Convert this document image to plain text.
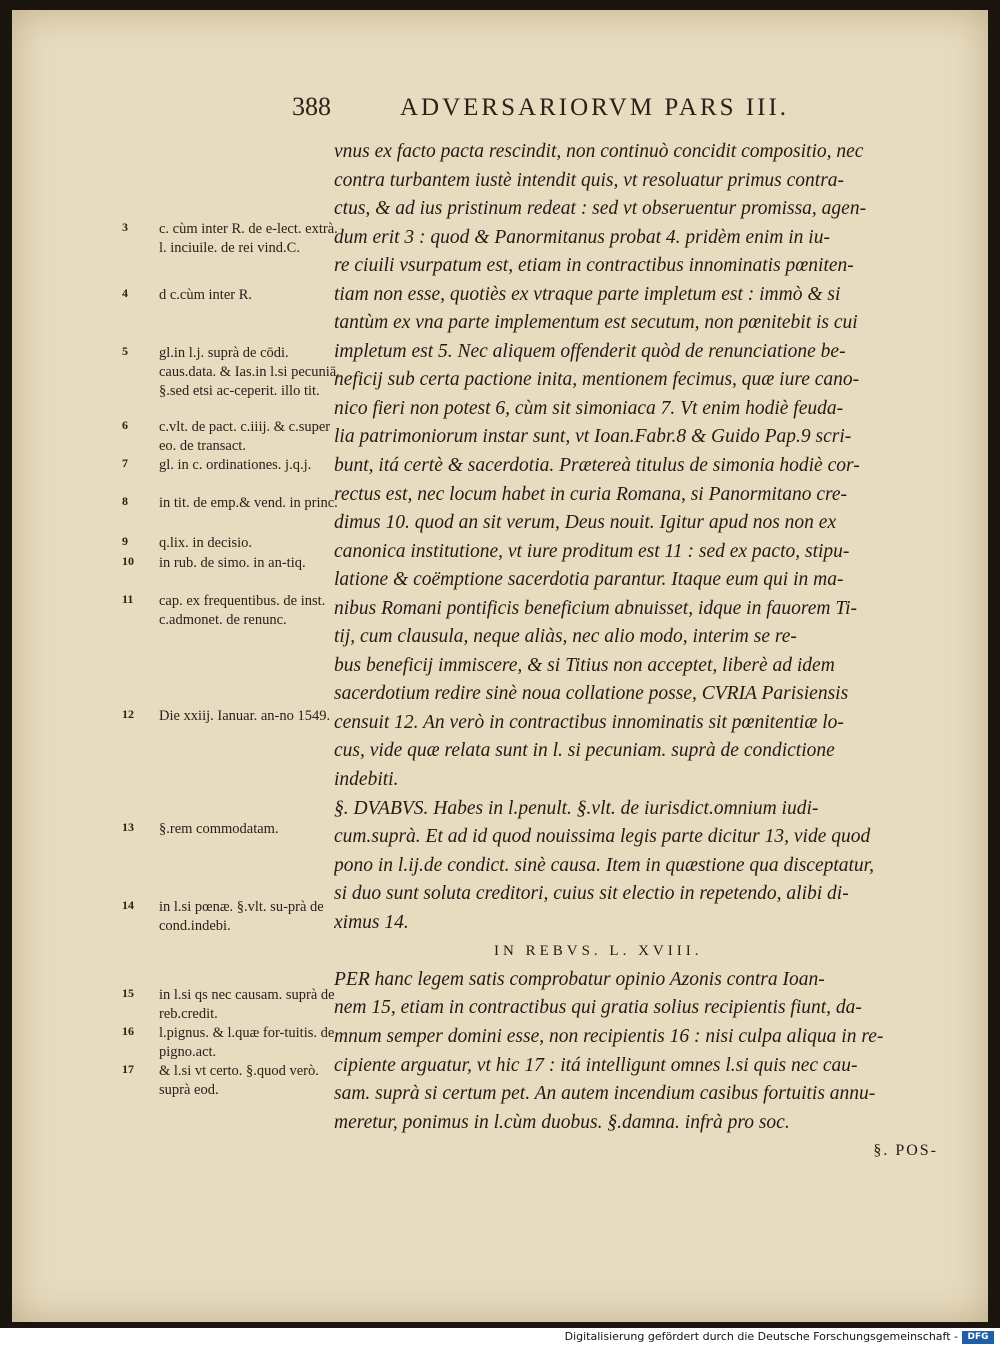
388	ADVERSARIORVM PARS III.
vnus ex facto pacta rescindit, non continuò concidit compositio, nec
contra turbantem iustè intendit quis, vt resoluatur primus contra-
ctus, & ad ius pristinum redeat : sed vt obseruentur promissa, agen-
dum erit 3 : quod & Panormitanus probat 4. pridèm enim in iu-
re ciuili vsurpatum est, etiam in contractibus innominatis pœniten-
tiam non esse, quotiès ex vtraque parte impletum est : immò & si
tantùm ex vna parte implementum est secutum, non pœnitebit is cui
impletum est 5. Nec aliquem offenderit quòd de renunciatione be-
neficij sub certa pactione inita, mentionem fecimus, quæ iure cano-
nico fieri non potest 6, cùm sit simoniaca 7. Vt enim hodiè feuda-
lia patrimoniorum instar sunt, vt Ioan.Fabr.8 & Guido Pap.9 scri-
bunt, itá certè & sacerdotia. Prætereà titulus de simonia hodiè cor-
rectus est, nec locum habet in curia Romana, si Panormitano cre-
dimus 10. quod an sit verum, Deus nouit. Igitur apud nos non ex
canonica institutione, vt iure proditum est 11 : sed ex pacto, stipu-
latione & coëmptione sacerdotia parantur. Itaque eum qui in ma-
nibus Romani pontificis beneficium abnuisset, idque in fauorem Ti-
tij, cum clausula, neque aliàs, nec alio modo, interim se re-
bus beneficij immiscere, & si Titius non acceptet, liberè ad idem
sacerdotium redire sinè noua collatione posse, CVRIA Parisiensis
censuit 12. An verò in contractibus innominatis sit pœnitentiæ lo-
cus, vide quæ relata sunt in l. si pecuniam. suprà de condictione
indebiti.
§. DVABVS. Habes in l.penult. §.vlt. de iurisdict.omnium iudi-
cum.suprà. Et ad id quod nouissima legis parte dicitur 13, vide quod
pono in l.ij.de condict. sinè causa. Item in quæstione qua disceptatur,
si duo sunt soluta creditori, cuius sit electio in repetendo, alibi di-
ximus 14.
IN REBVS. L. XVIII.
PER hanc legem satis comprobatur opinio Azonis contra Ioan-
nem 15, etiam in contractibus qui gratia solius recipientis fiunt, da-
mnum semper domini esse, non recipientis 16 : nisi culpa aliqua in re-
cipiente arguatur, vt hic 17 : itá intelligunt omnes l.si quis nec cau-
sam. suprà si certum pet. An autem incendium casibus fortuitis annu-
meretur, ponimus in l.cùm duobus. §.damna. infrà pro soc.
§. POS-
3	c. cùm inter R. de e-lect. extrà. l. inciuile. de rei vind.C.
4	d c.cùm inter R.
5	gl.in l.j. suprà de cōdi. caus.data. & Ias.in l.si pecuniā. §.sed etsi ac-ceperit. illo tit.
6	c.vlt. de pact. c.iiij. & c.super eo. de transact.
7	gl. in c. ordinationes. j.q.j.
8	in tit. de emp.& vend. in princ.
9	q.lix. in decisio.
10	in rub. de simo. in an-tiq.
11	cap. ex frequentibus. de inst. c.admonet. de renunc.
12	Die xxiij. Ianuar. an-no 1549.
13	§.rem commodatam.
14	in l.si pœnæ. §.vlt. su-prà de cond.indebi.
15	in l.si qs nec causam. suprà de reb.credit.
16	l.pignus. & l.quæ for-tuitis. de pigno.act.
17	& l.si vt certo. §.quod verò. suprà eod.
Digitalisierung gefördert durch die Deutsche Forschungsgemeinschaft -	DFG
